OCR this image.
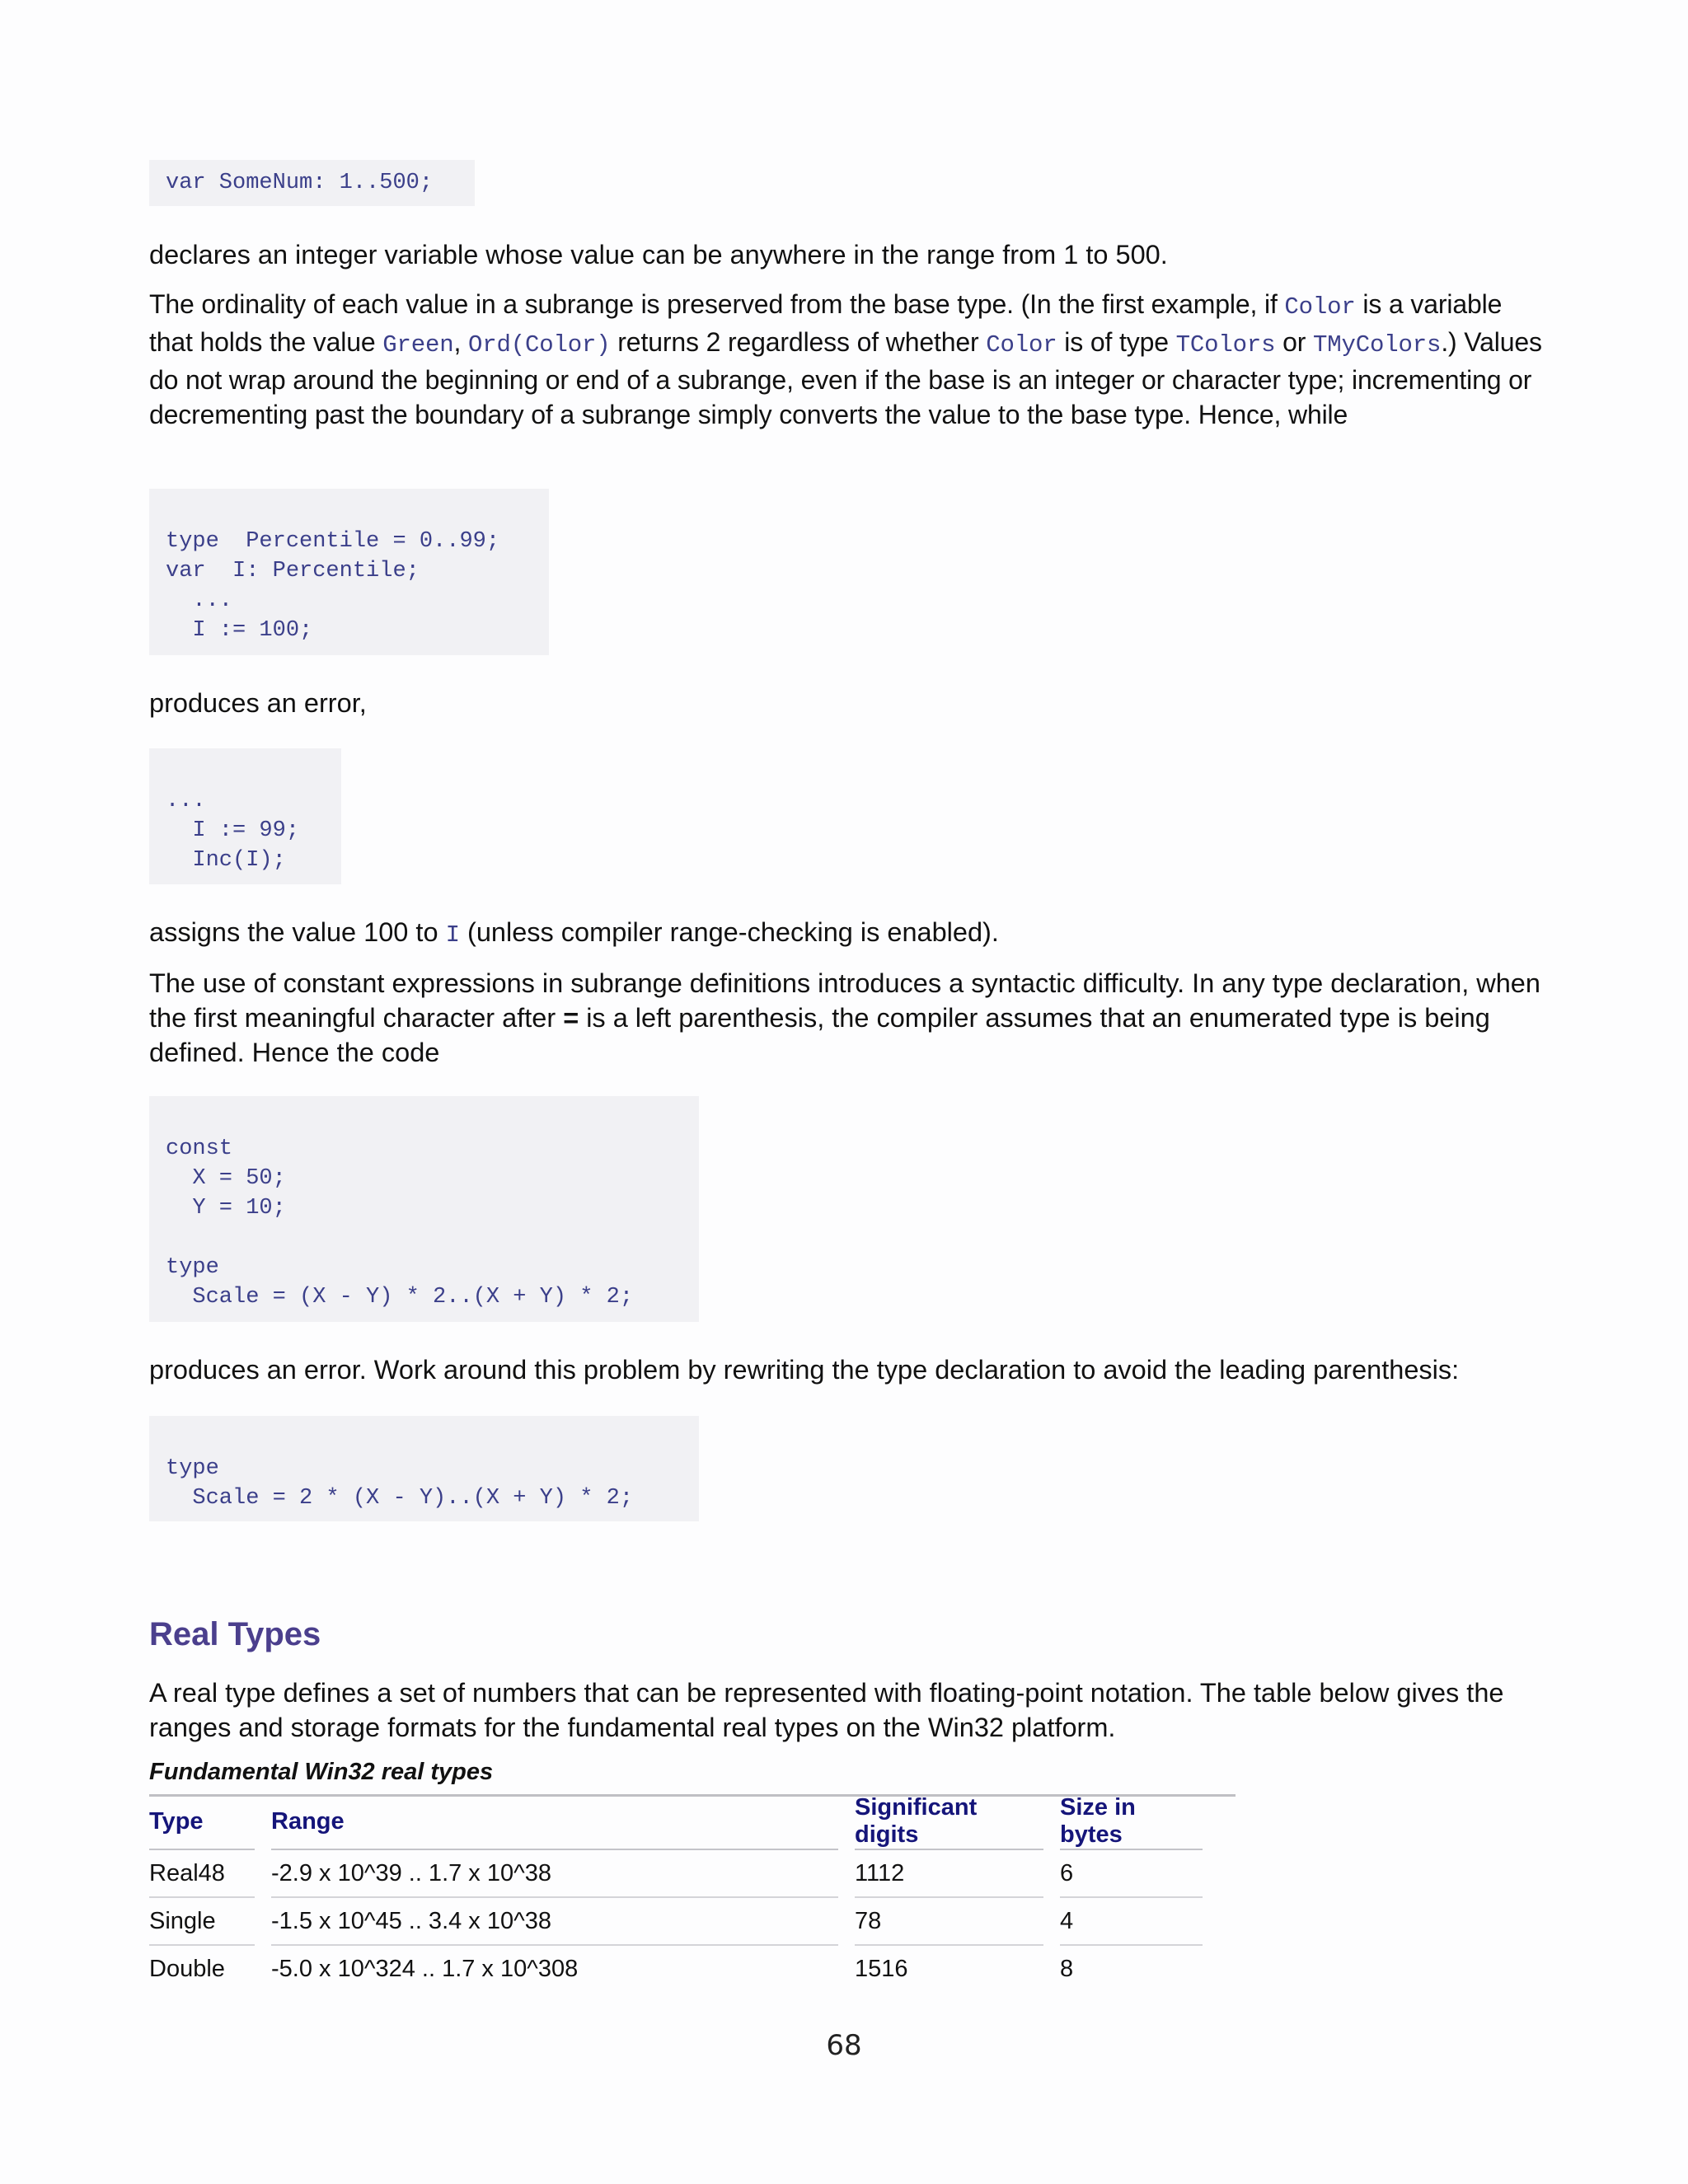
var SomeNum: 1..500;

declares an integer variable whose value can be anywhere in the range from 1 to 500.

The ordinality of each value in a subrange is preserved from the base type. (In the first example, if Color is a variable that holds the value Green, Ord(Color) returns 2 regardless of whether Color is of type TColors or TMyColors.) Values do not wrap around the beginning or end of a subrange, even if the base is an integer or character type; incrementing or decrementing past the boundary of a subrange simply converts the value to the base type. Hence, while

type  Percentile = 0..99;
var  I: Percentile;
...
I := 100;

produces an error,

...
I := 99;
Inc(I);

assigns the value 100 to I (unless compiler range-checking is enabled).

The use of constant expressions in subrange definitions introduces a syntactic difficulty. In any type declaration, when the first meaningful character after = is a left parenthesis, the compiler assumes that an enumerated type is being defined. Hence the code

const
X = 50;
Y = 10;

type
Scale = (X - Y) * 2..(X + Y) * 2;

produces an error. Work around this problem by rewriting the type declaration to avoid the leading parenthesis:

type
Scale = 2 * (X - Y)..(X + Y) * 2;
Real Types

A real type defines a set of numbers that can be represented with floating-point notation. The table below gives the ranges and storage formats for the fundamental real types on the Win32 platform.

Fundamental Win32 real types
Type	Range	Significant digits	Size in bytes
Real48	-2.9 x 10^39 .. 1.7 x 10^38	1112	6
Single	-1.5 x 10^45 .. 3.4 x 10^38	78	4
Double	-5.0 x 10^324 .. 1.7 x 10^308	1516	8
68
